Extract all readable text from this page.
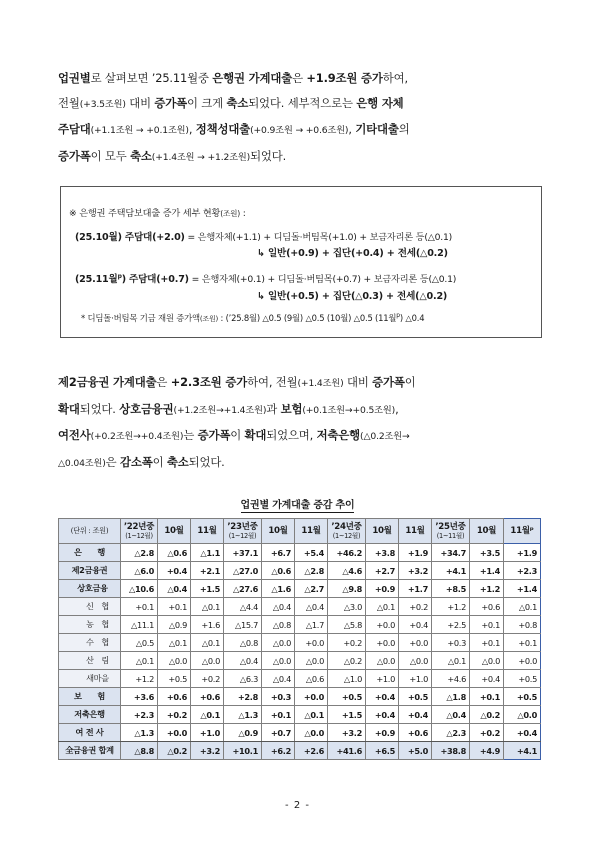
업권별로 살펴보면 ’25.11월중 은행권 가계대출은 +1.9조원 증가하여,
전월(+3.5조원) 대비 증가폭이 크게 축소되었다. 세부적으로는 은행 자체
주담대(+1.1조원 → +0.1조원), 정책성대출(+0.9조원 → +0.6조원), 기타대출의
증가폭이 모두 축소(+1.4조원 → +1.2조원)되었다.
※ 은행권 주택담보대출 증가 세부 현황(조원) :
(25.10월) 주담대(+2.0) = 은행자체(+1.1) + 디딤돌·버팀목(+1.0) + 보금자리론 등(△0.1)
↳ 일반(+0.9) + 집단(+0.4) + 전세(△0.2)
(25.11월$^p$) 주담대(+0.7) = 은행자체(+0.1) + 디딤돌·버팀목(+0.7) + 보금자리론 등(△0.1)
↳ 일반(+0.5) + 집단(△0.3) + 전세(△0.2)
* 디딤돌·버팀목 기금 재원 증가액(조원) : (’25.8월) △0.5 (9월) △0.5 (10월) △0.5 (11월$^p$) △0.4
제2금융권 가계대출은 +2.3조원 증가하여, 전월(+1.4조원) 대비 증가폭이
확대되었다. 상호금융권(+1.2조원→+1.4조원)과 보험(+0.1조원→+0.5조원),
여전사(+0.2조원→+0.4조원)는 증가폭이 확대되었으며, 저축은행(△0.2조원→
△0.04조원)은 감소폭이 축소되었다.
업권별 가계대출 증감 추이
(단위 : 조원)	’22년중
(1~12월)	10월	11월	’23년중
(1~12월)	10월	11월	’24년중
(1~12월)	10월	11월	’25년중
(1~11월)	10월	11월ᵖ

은　　행	△2.8	△0.6	△1.1	+37.1	+6.7	+5.4	+46.2	+3.8	+1.9	+34.7	+3.5	+1.9
제2금융권	△6.0	+0.4	+2.1	△27.0	△0.6	△2.8	△4.6	+2.7	+3.2	+4.1	+1.4	+2.3
상호금융	△10.6	△0.4	+1.5	△27.6	△1.6	△2.7	△9.8	+0.9	+1.7	+8.5	+1.2	+1.4
신　협	+0.1	+0.1	△0.1	△4.4	△0.4	△0.4	△3.0	△0.1	+0.2	+1.2	+0.6	△0.1
농　협	△11.1	△0.9	+1.6	△15.7	△0.8	△1.7	△5.8	+0.0	+0.4	+2.5	+0.1	+0.8
수　협	△0.5	△0.1	△0.1	△0.8	△0.0	+0.0	+0.2	+0.0	+0.0	+0.3	+0.1	+0.1
산　림	△0.1	△0.0	△0.0	△0.4	△0.0	△0.0	△0.2	△0.0	△0.0	△0.1	△0.0	+0.0
새마을	+1.2	+0.5	+0.2	△6.3	△0.4	△0.6	△1.0	+1.0	+1.0	+4.6	+0.4	+0.5
보　　험	+3.6	+0.6	+0.6	+2.8	+0.3	+0.0	+0.5	+0.4	+0.5	△1.8	+0.1	+0.5
저축은행	+2.3	+0.2	△0.1	△1.3	+0.1	△0.1	+1.5	+0.4	+0.4	△0.4	△0.2	△0.0
여 전 사	△1.3	+0.0	+1.0	△0.9	+0.7	△0.0	+3.2	+0.9	+0.6	△2.3	+0.2	+0.4
全금융권 합계	△8.8	△0.2	+3.2	+10.1	+6.2	+2.6	+41.6	+6.5	+5.0	+38.8	+4.9	+4.1
- 2 -
